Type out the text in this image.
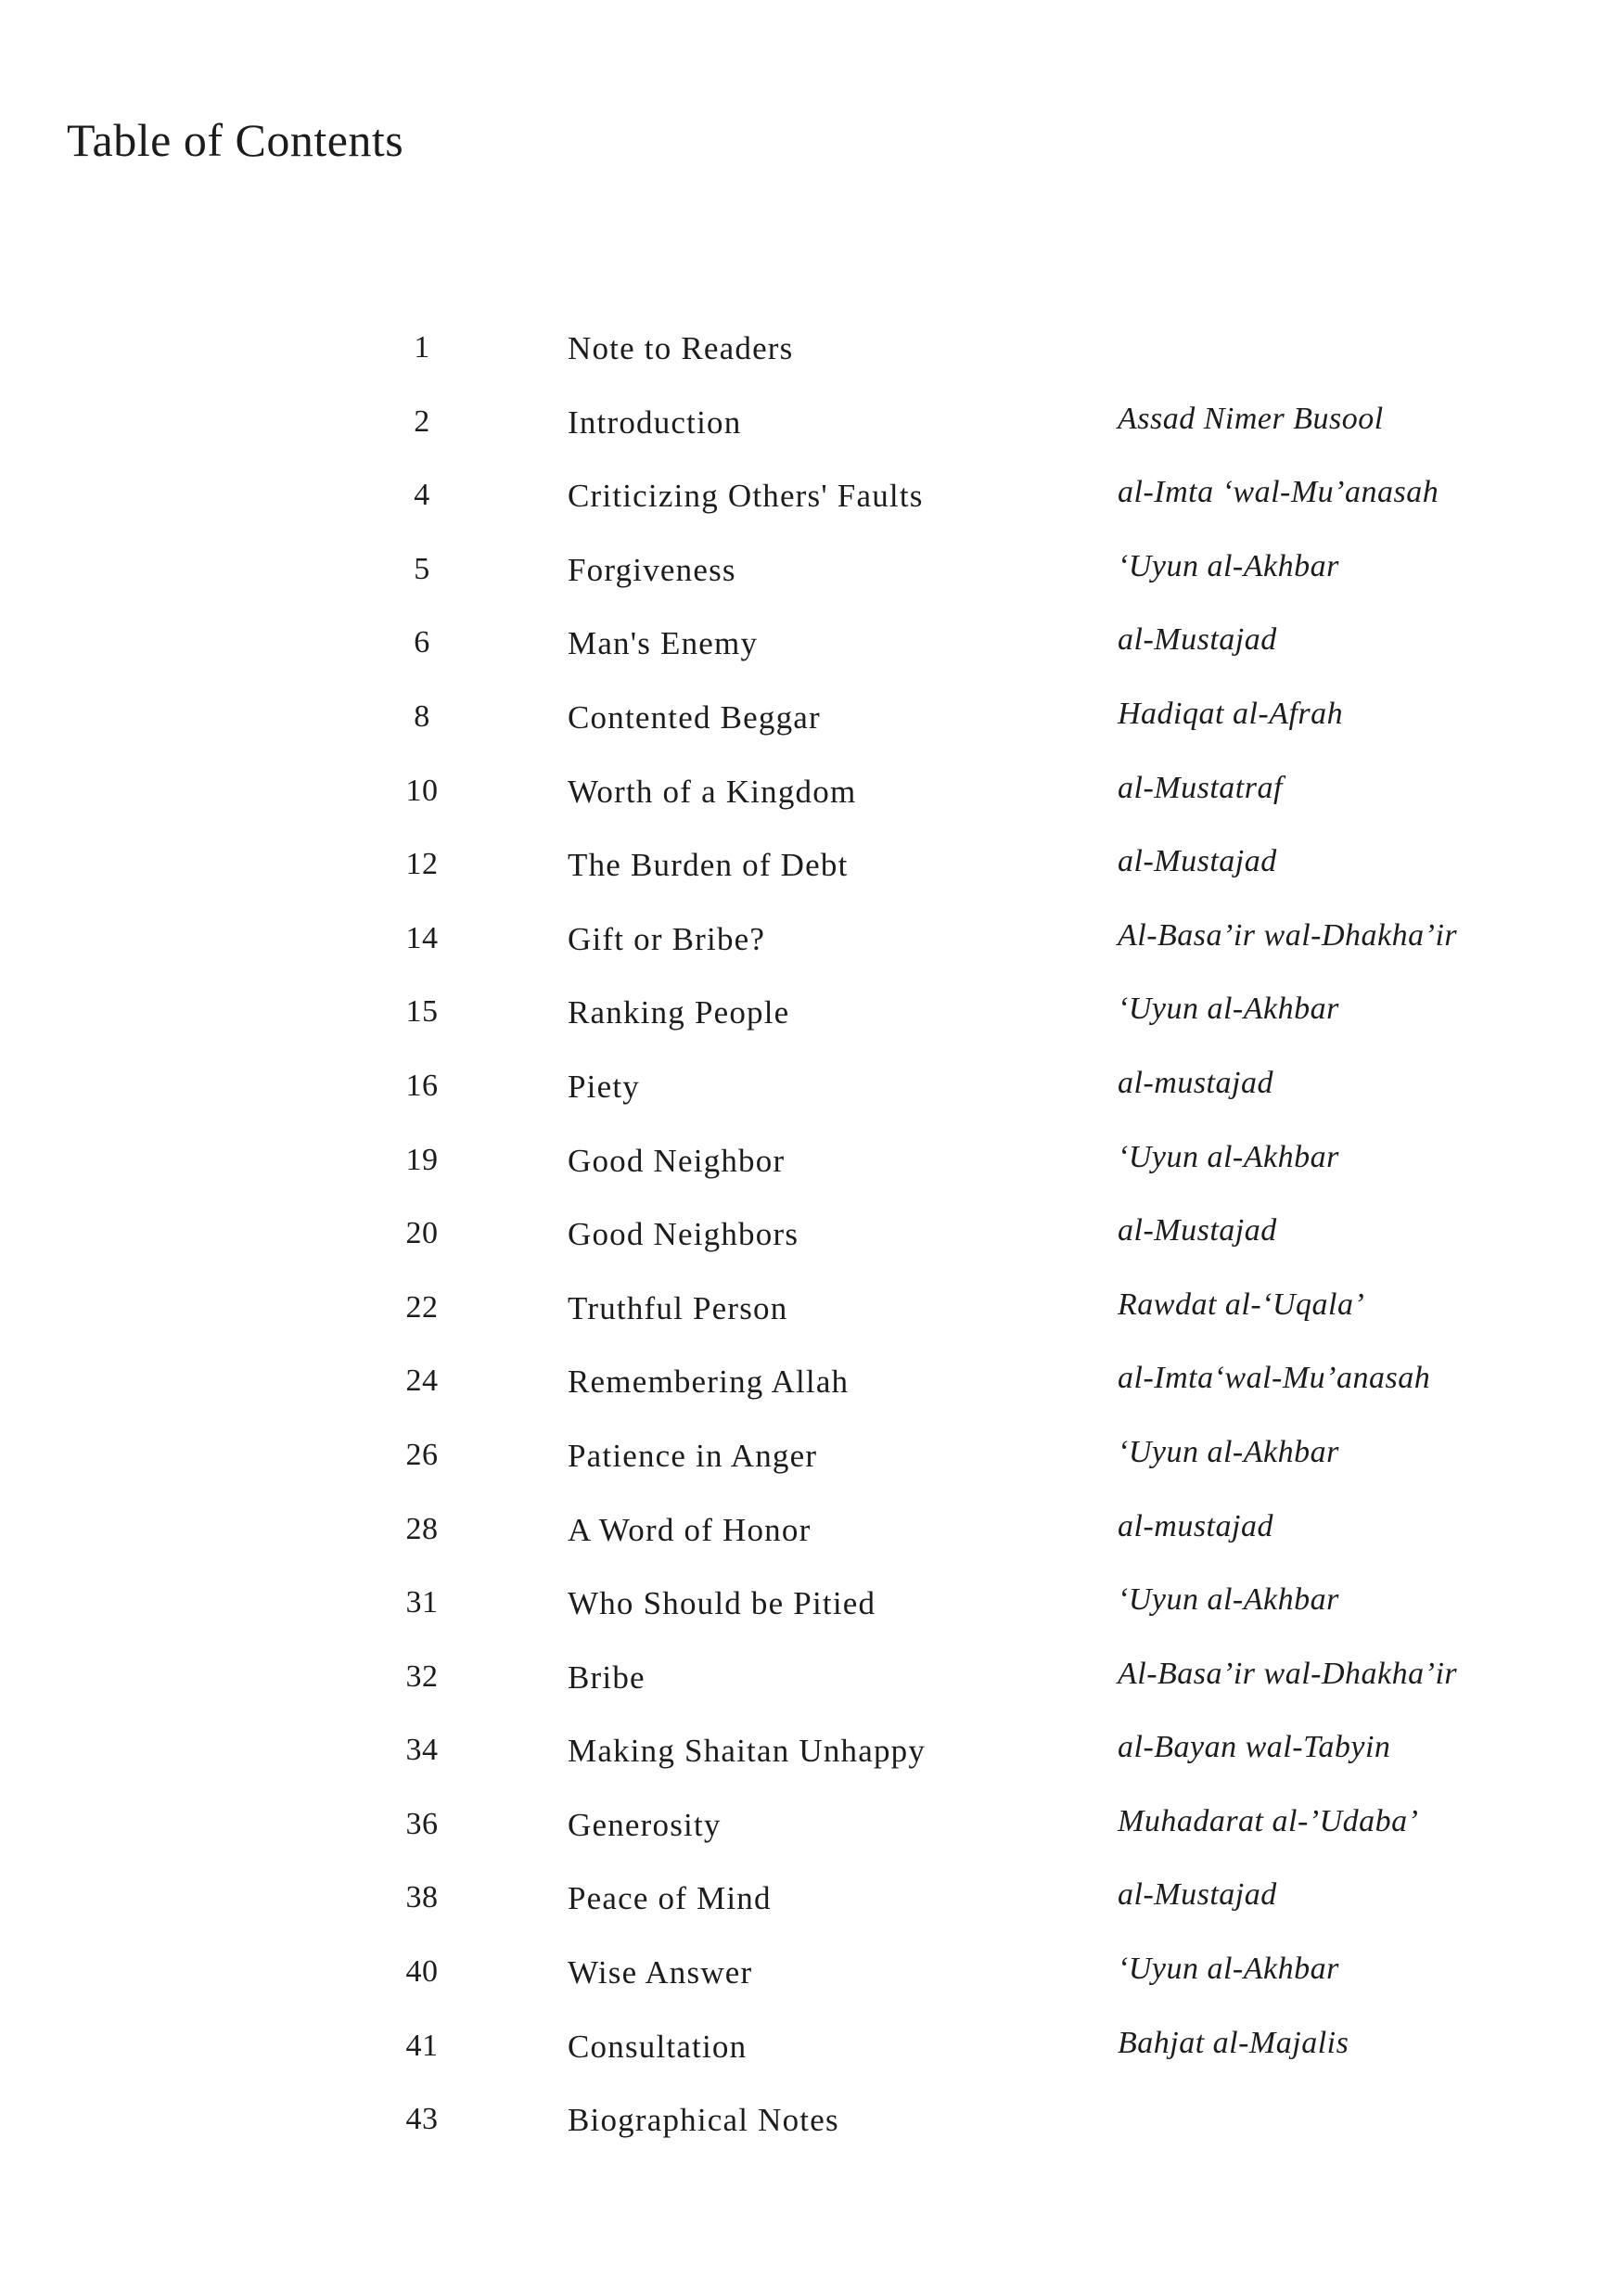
Table of Contents
1	Note to Readers
2	Introduction	Assad Nimer Busool
4	Criticizing Others' Faults	al-Imta ‘wal-Mu’anasah
5	Forgiveness	‘Uyun al-Akhbar
6	Man's Enemy	al-Mustajad
8	Contented Beggar	Hadiqat al-Afrah
10	Worth of a Kingdom	al-Mustatraf
12	The Burden of Debt	al-Mustajad
14	Gift or Bribe?	Al-Basa’ir wal-Dhakha’ir
15	Ranking People	‘Uyun al-Akhbar
16	Piety	al-mustajad
19	Good Neighbor	‘Uyun al-Akhbar
20	Good Neighbors	al-Mustajad
22	Truthful Person	Rawdat al-‘Uqala’
24	Remembering Allah	al-Imta‘wal-Mu’anasah
26	Patience in Anger	‘Uyun al-Akhbar
28	A Word of Honor	al-mustajad
31	Who Should be Pitied	‘Uyun al-Akhbar
32	Bribe	Al-Basa’ir wal-Dhakha’ir
34	Making Shaitan Unhappy	al-Bayan wal-Tabyin
36	Generosity	Muhadarat al-’Udaba’
38	Peace of Mind	al-Mustajad
40	Wise Answer	‘Uyun al-Akhbar
41	Consultation	Bahjat al-Majalis
43	Biographical Notes
